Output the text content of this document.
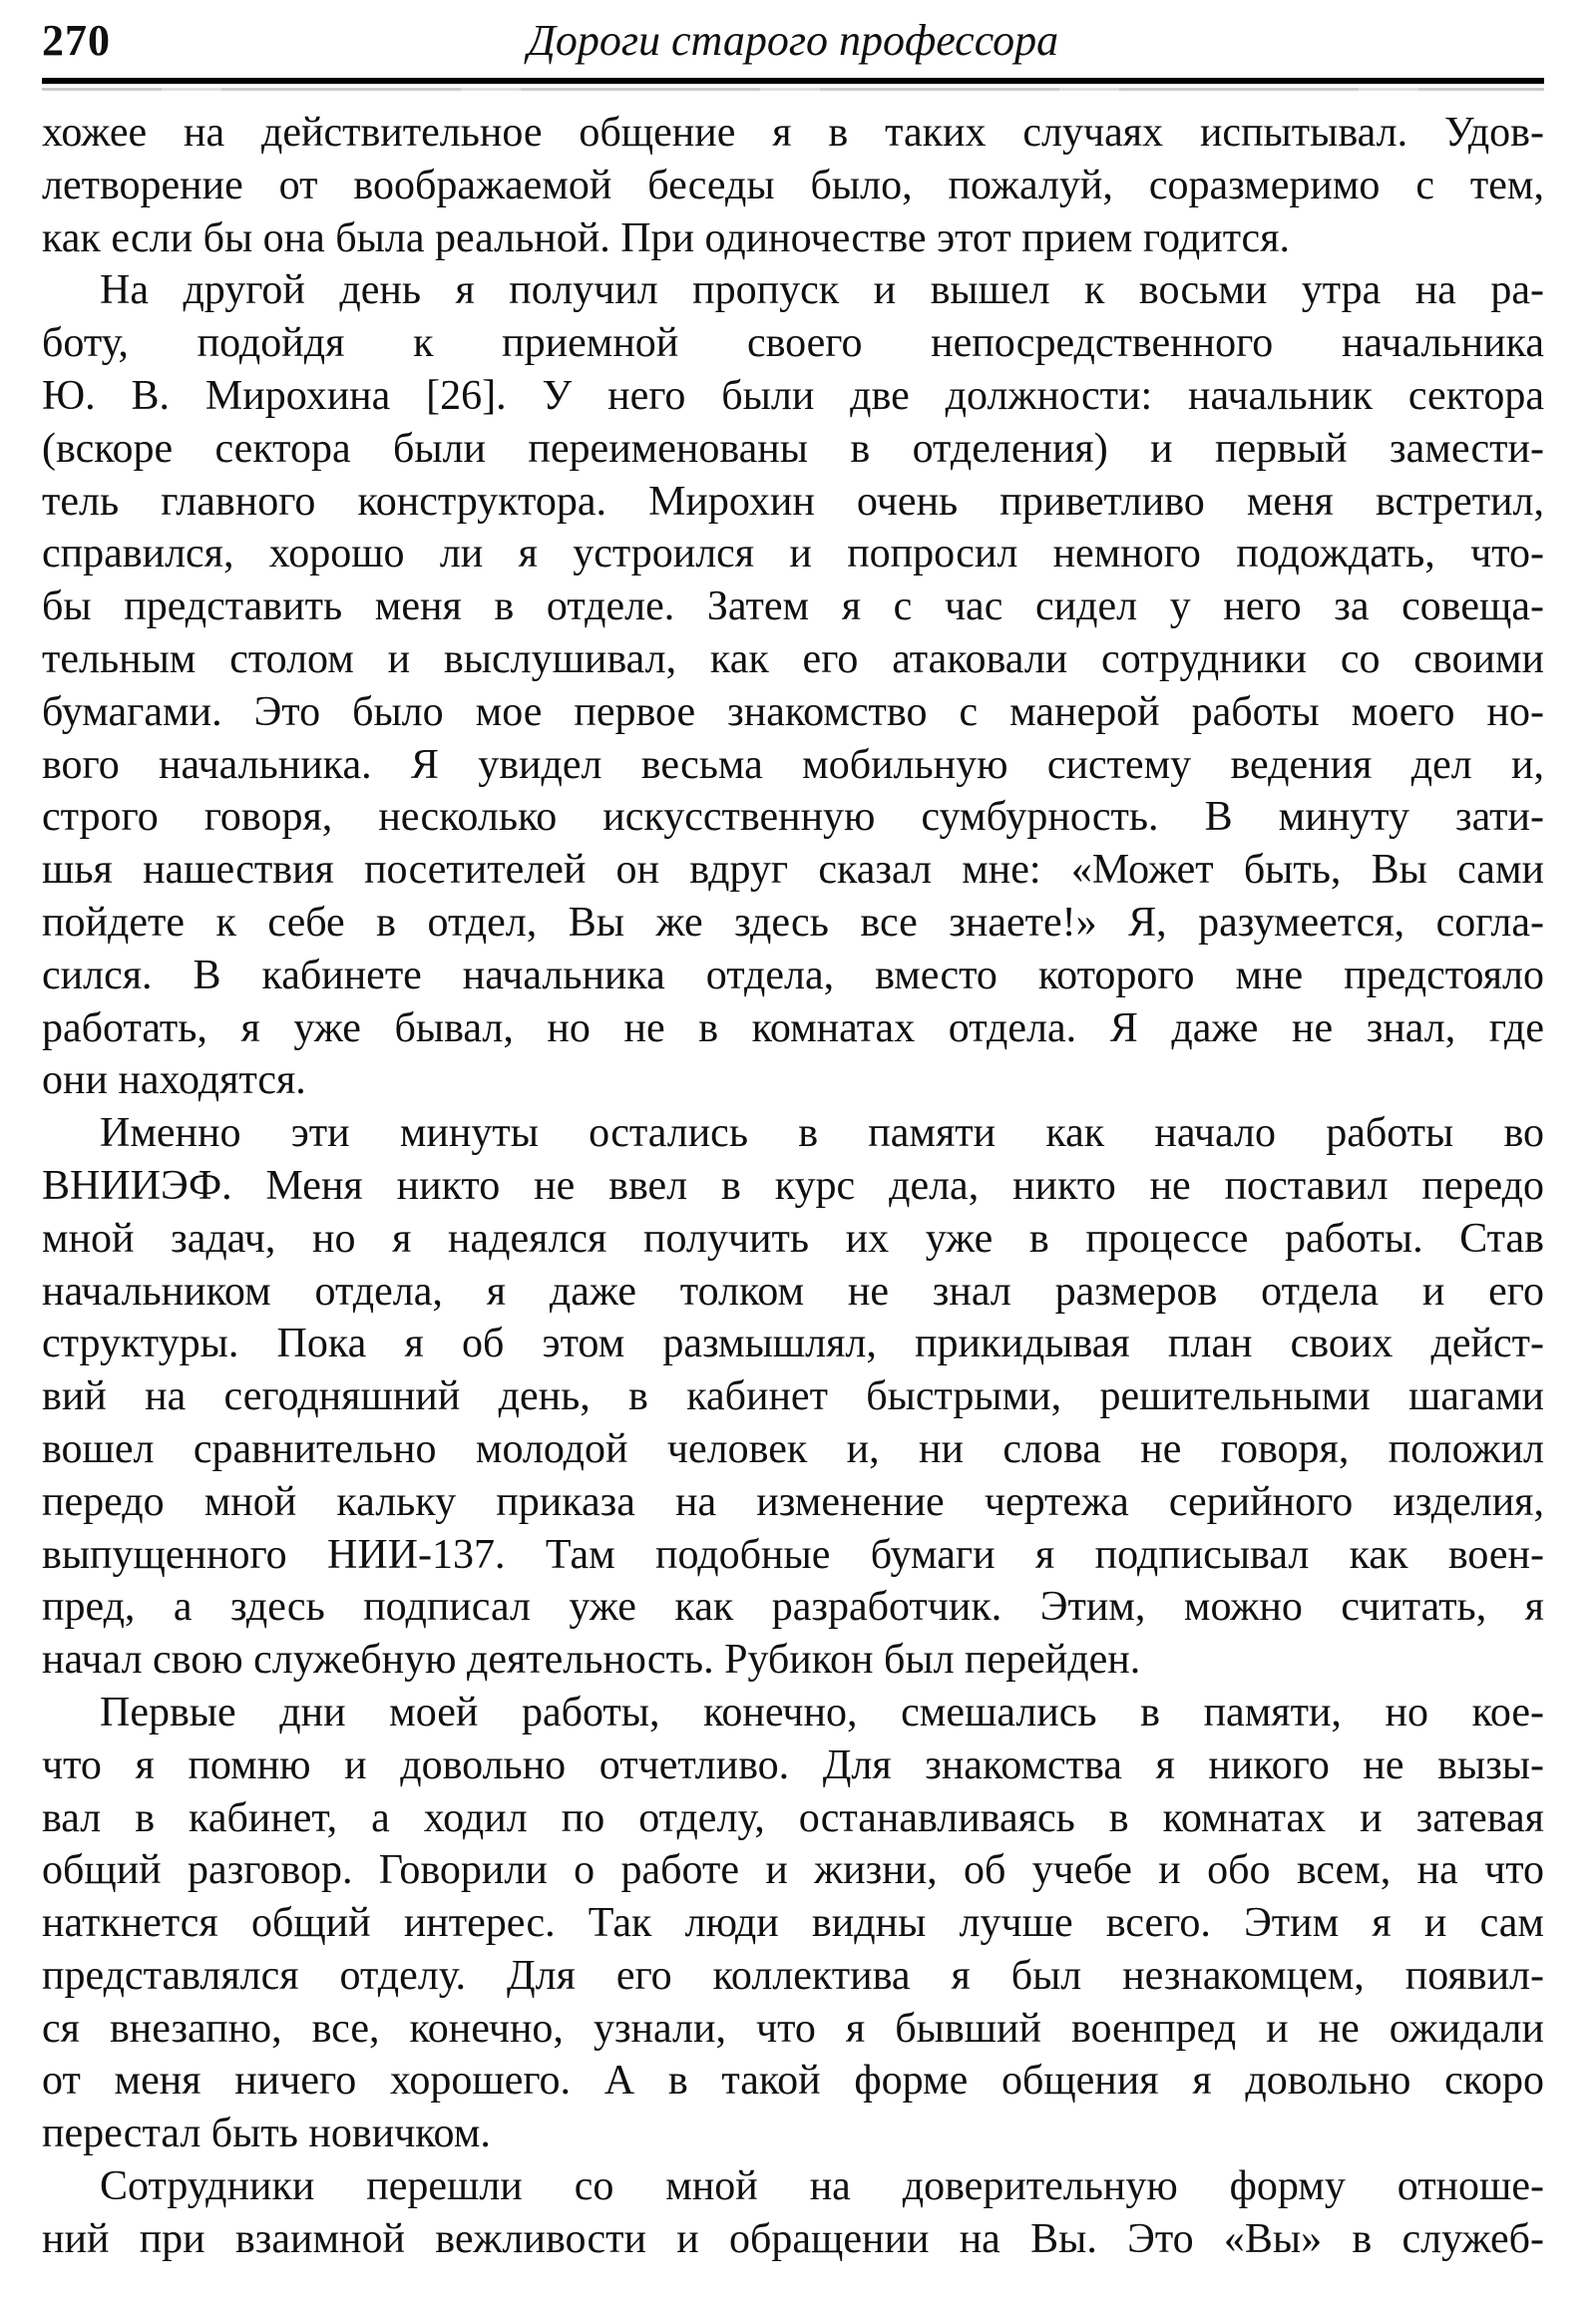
270	Дороги старого профессора
хожее на действительное общение я в таких случаях испытывал. Удов-
летворение от воображаемой беседы было, пожалуй, соразмеримо с тем,
как если бы она была реальной. При одиночестве этот прием годится.
На другой день я получил пропуск и вышел к восьми утра на ра-
боту, подойдя к приемной своего непосредственного начальника
Ю. В. Мирохина [26]. У него были две должности: начальник сектора
(вскоре сектора были переименованы в отделения) и первый замести-
тель главного конструктора. Мирохин очень приветливо меня встретил,
справился, хорошо ли я устроился и попросил немного подождать, что-
бы представить меня в отделе. Затем я с час сидел у него за совеща-
тельным столом и выслушивал, как его атаковали сотрудники со своими
бумагами. Это было мое первое знакомство с манерой работы моего но-
вого начальника. Я увидел весьма мобильную систему ведения дел и,
строго говоря, несколько искусственную сумбурность. В минуту зати-
шья нашествия посетителей он вдруг сказал мне: «Может быть, Вы сами
пойдете к себе в отдел, Вы же здесь все знаете!» Я, разумеется, согла-
сился. В кабинете начальника отдела, вместо которого мне предстояло
работать, я уже бывал, но не в комнатах отдела. Я даже не знал, где
они находятся.
Именно эти минуты остались в памяти как начало работы во
ВНИИЭФ. Меня никто не ввел в курс дела, никто не поставил передо
мной задач, но я надеялся получить их уже в процессе работы. Став
начальником отдела, я даже толком не знал размеров отдела и его
структуры. Пока я об этом размышлял, прикидывая план своих дейст-
вий на сегодняшний день, в кабинет быстрыми, решительными шагами
вошел сравнительно молодой человек и, ни слова не говоря, положил
передо мной кальку приказа на изменение чертежа серийного изделия,
выпущенного НИИ-137. Там подобные бумаги я подписывал как воен-
пред, а здесь подписал уже как разработчик. Этим, можно считать, я
начал свою служебную деятельность. Рубикон был перейден.
Первые дни моей работы, конечно, смешались в памяти, но кое-
что я помню и довольно отчетливо. Для знакомства я никого не вызы-
вал в кабинет, а ходил по отделу, останавливаясь в комнатах и затевая
общий разговор. Говорили о работе и жизни, об учебе и обо всем, на что
наткнется общий интерес. Так люди видны лучше всего. Этим я и сам
представлялся отделу. Для его коллектива я был незнакомцем, появил-
ся внезапно, все, конечно, узнали, что я бывший военпред и не ожидали
от меня ничего хорошего. А в такой форме общения я довольно скоро
перестал быть новичком.
Сотрудники перешли со мной на доверительную форму отноше-
ний при взаимной вежливости и обращении на Вы. Это «Вы» в служеб-
